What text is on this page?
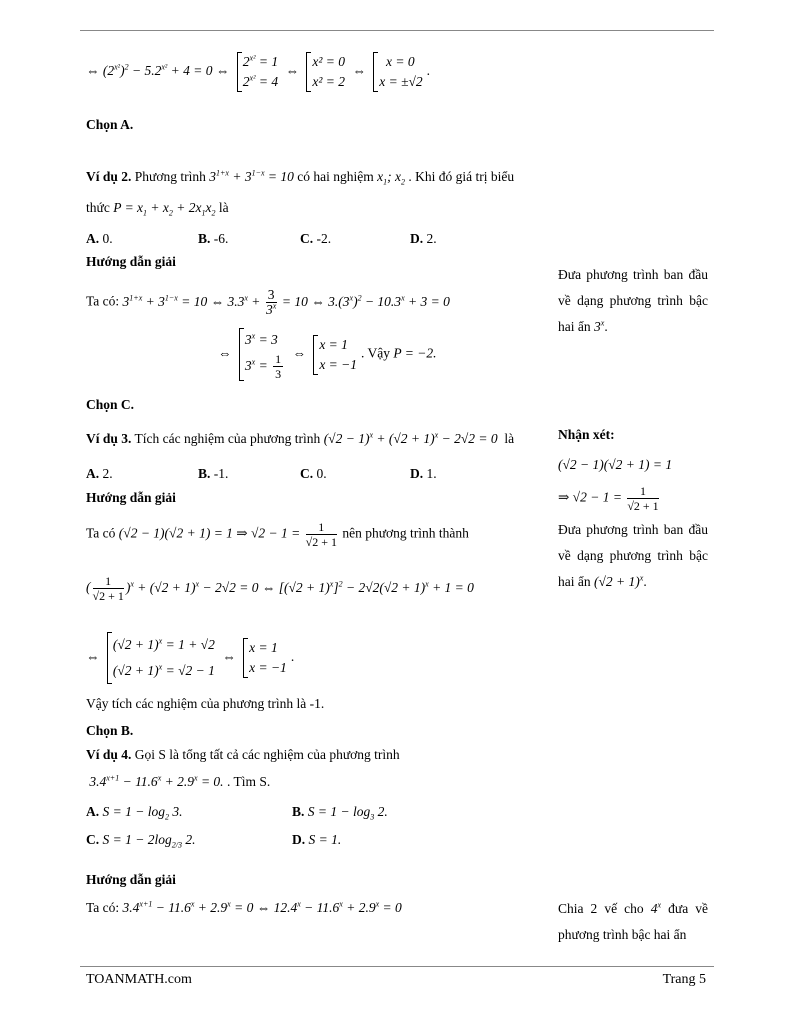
⇔ $(2^{x^2})^2 - 5.2^{x^2} + 4 = 0$ ⇔ $2^{x^2} = 1$
$2^{x^2} = 4$ ⇔ x² = 0
x² = 2 ⇔   x = 0
x = ±√2.
Chọn A.
Ví dụ 2. Phương trình $3^{1+x} + 3^{1-x} = 10$ có hai nghiệm $x_1$; $x_2$ . Khi đó giá trị biểu
thức $P = x_1 + x_2 + 2x_1x_2$ là
A. 0.	B. -6.	C. -2.	D. 2.
Hướng dẫn giải
Ta có: $3^{1+x} + 3^{1-x} = 10$ ⇔ $3.3^x + \frac{3}{3^x} = 10$ ⇔ $3.(3^x)^2 - 10.3^x + 3 = 0$
⇔ $3^x = 3$
$3^x = \frac{1}{3}$ ⇔ x = 1
x = −1. Vậy P = −2.
Chọn C.

Đưa phương trình ban đầu về dạng phương trình bậc hai ẩn 3$^x$.

Ví dụ 3. Tích các nghiệm của phương trình $(√2 - 1)^x + (√2 + 1)^x - 2√2 = 0$  là
A. 2.	B. -1.	C. 0.	D. 1.
Hướng dẫn giải
Ta có (√2 − 1)(√2 + 1) = 1 ⇒ $√2 - 1 = \frac{1}{√2 + 1}$ nên phương trình thành
( $\frac{1}{√2 + 1} )^x + (√2 + 1)^x - 2√2 = 0$ ⇔ $[(√2 + 1)^x]^2 - 2√2(√2 + 1)^x + 1 = 0$
⇔ $(√2 + 1)^x = 1 + √2$
$(√2 + 1)^x = √2 - 1$ ⇔ x = 1
x = −1.
Vậy tích các nghiệm của phương trình là -1.
Chọn B.

Nhận xét:

(√2 − 1)(√2 + 1) = 1

⇒ $√2 - 1 = \frac{1}{√2 + 1}$

Đưa phương trình ban đầu về dạng phương trình bậc hai ẩn $(√2 + 1)^x$.

Ví dụ 4. Gọi S là tổng tất cả các nghiệm của phương trình
$3.4^{x+1} - 11.6^x + 2.9^x = 0$. . Tìm S.
A. $S = 1 - \log_2 3$.	B. $S = 1 - \log_3 2$.
C. $S = 1 - 2\log_{2/3}$ 2.	D. S = 1.
Hướng dẫn giải
Ta có: $3.4^{x+1} - 11.6^x + 2.9^x = 0$ ⇔ $12.4^x - 11.6^x + 2.9^x = 0$	Chia 2 vế cho 4$^x$ đưa về phương trình bậc hai ẩn

TOANMATH.com	Trang 5
